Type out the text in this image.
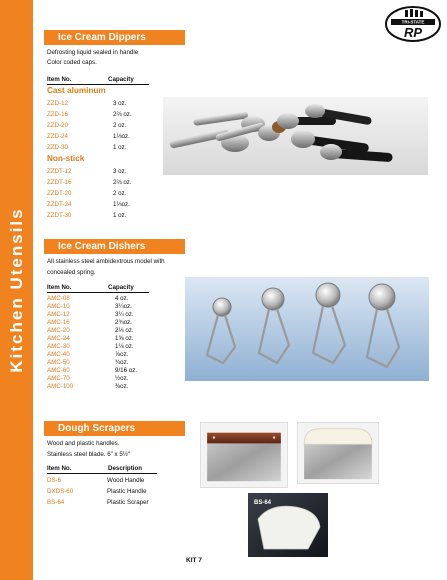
Kitchen Utensils
TRI-STATE
RP
Ice Cream Dippers
Defrosting liquid sealed in handle
Color coded caps.
Item No.	Capacity
Cast aluminum
ZZD-12	3 oz.
ZZD-16	2⅔ oz.
ZZD-20	2 oz.
ZZD-24	1⅓oz.
ZZD-30	1 oz.
Non-stick
ZZDT-12	3 oz.
ZZDT-16	2⅔ oz.
ZZDT-20	2 oz.
ZZDT-24	1⅓oz.
ZZDT-30	1 oz.
Ice Cream Dishers
All stainless steel ambidextrous model with
concealed spring.
Item No.	Capacity
AMC-08	4 oz.
AMC-10	3¼oz.
AMC-12	3¼ oz.
AMC-16	2¾oz.
AMC-20	2⅓ oz.
AMC-24	1⅝ oz.
AMC-30	1⅛ oz.
AMC-40	⅞oz.
AMC-50	¾oz.
AMC-60	9/16 oz.
AMC-70	½oz.
AMC-100	⅜oz.
Dough Scrapers
Wood and plastic handles.
Stainless steel blade. 6" x 5½"
Item No.	Description
DS-6	Wood Handle
DXDS-60	Plastic Handle
BS-64	Plastic Scraper	BS-64
KIT 7
